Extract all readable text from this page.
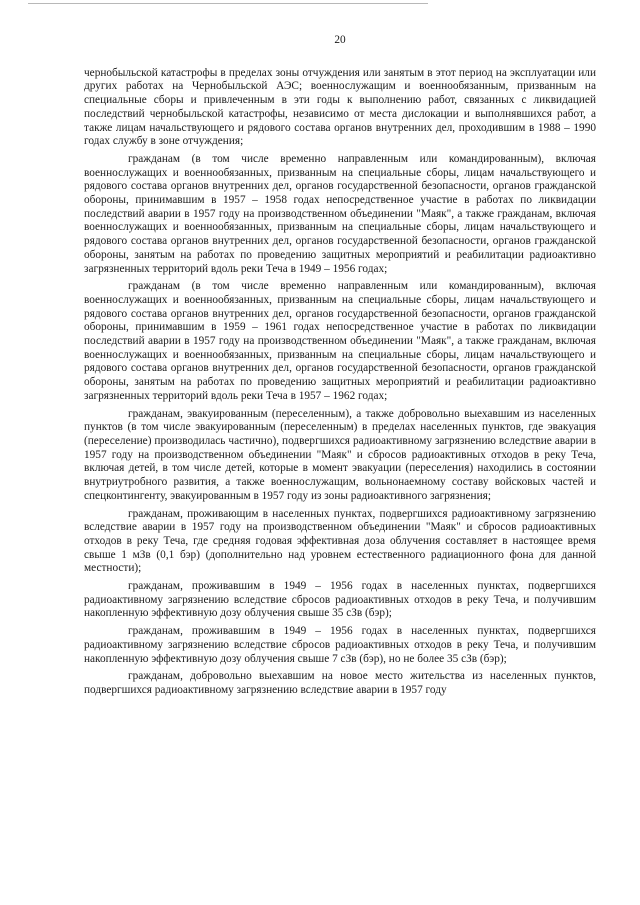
20

чернобыльской катастрофы в пределах зоны отчуждения или занятым в этот период на эксплуатации или других работах на Чернобыльской АЭС; военнослужащим и военнообязанным, призванным на специальные сборы и привлеченным в эти годы к выполнению работ, связанных с ликвидацией последствий чернобыльской катастрофы, независимо от места дислокации и выполнявшихся работ, а также лицам начальствующего и рядового состава органов внутренних дел, проходившим в 1988 – 1990 годах службу в зоне отчуждения;

гражданам (в том числе временно направленным или командированным), включая военнослужащих и военнообязанных, призванным на специальные сборы, лицам начальствующего и рядового состава органов внутренних дел, органов государственной безопасности, органов гражданской обороны, принимавшим в 1957 – 1958 годах непосредственное участие в работах по ликвидации последствий аварии в 1957 году на производственном объединении "Маяк", а также гражданам, включая военнослужащих и военнообязанных, призванным на специальные сборы, лицам начальствующего и рядового состава органов внутренних дел, органов государственной безопасности, органов гражданской обороны, занятым на работах по проведению защитных мероприятий и реабилитации радиоактивно загрязненных территорий вдоль реки Теча в 1949 – 1956 годах;

гражданам (в том числе временно направленным или командированным), включая военнослужащих и военнообязанных, призванным на специальные сборы, лицам начальствующего и рядового состава органов внутренних дел, органов государственной безопасности, органов гражданской обороны, принимавшим в 1959 – 1961 годах непосредственное участие в работах по ликвидации последствий аварии в 1957 году на производственном объединении "Маяк", а также гражданам, включая военнослужащих и военнообязанных, призванным на специальные сборы, лицам начальствующего и рядового состава органов внутренних дел, органов государственной безопасности, органов гражданской обороны, занятым на работах по проведению защитных мероприятий и реабилитации радиоактивно загрязненных территорий вдоль реки Теча в 1957 – 1962 годах;

гражданам, эвакуированным (переселенным), а также добровольно выехавшим из населенных пунктов (в том числе эвакуированным (переселенным) в пределах населенных пунктов, где эвакуация (переселение) производилась частично), подвергшихся радиоактивному загрязнению вследствие аварии в 1957 году на производственном объединении "Маяк" и сбросов радиоактивных отходов в реку Теча, включая детей, в том числе детей, которые в момент эвакуации (переселения) находились в состоянии внутриутробного развития, а также военнослужащим, вольнонаемному составу войсковых частей и спецконтингенту, эвакуированным в 1957 году из зоны радиоактивного загрязнения;

гражданам, проживающим в населенных пунктах, подвергшихся радиоактивному загрязнению вследствие аварии в 1957 году на производственном объединении "Маяк" и сбросов радиоактивных отходов в реку Теча, где средняя годовая эффективная доза облучения составляет в настоящее время свыше 1 мЗв (0,1 бэр) (дополнительно над уровнем естественного радиационного фона для данной местности);

гражданам, проживавшим в 1949 – 1956 годах в населенных пунктах, подвергшихся радиоактивному загрязнению вследствие сбросов радиоактивных отходов в реку Теча, и получившим накопленную эффективную дозу облучения свыше 35 сЗв (бэр);

гражданам, проживавшим в 1949 – 1956 годах в населенных пунктах, подвергшихся радиоактивному загрязнению вследствие сбросов радиоактивных отходов в реку Теча, и получившим накопленную эффективную дозу облучения свыше 7 сЗв (бэр), но не более 35 сЗв (бэр);

гражданам, добровольно выехавшим на новое место жительства из населенных пунктов, подвергшихся радиоактивному загрязнению вследствие аварии в 1957 году
